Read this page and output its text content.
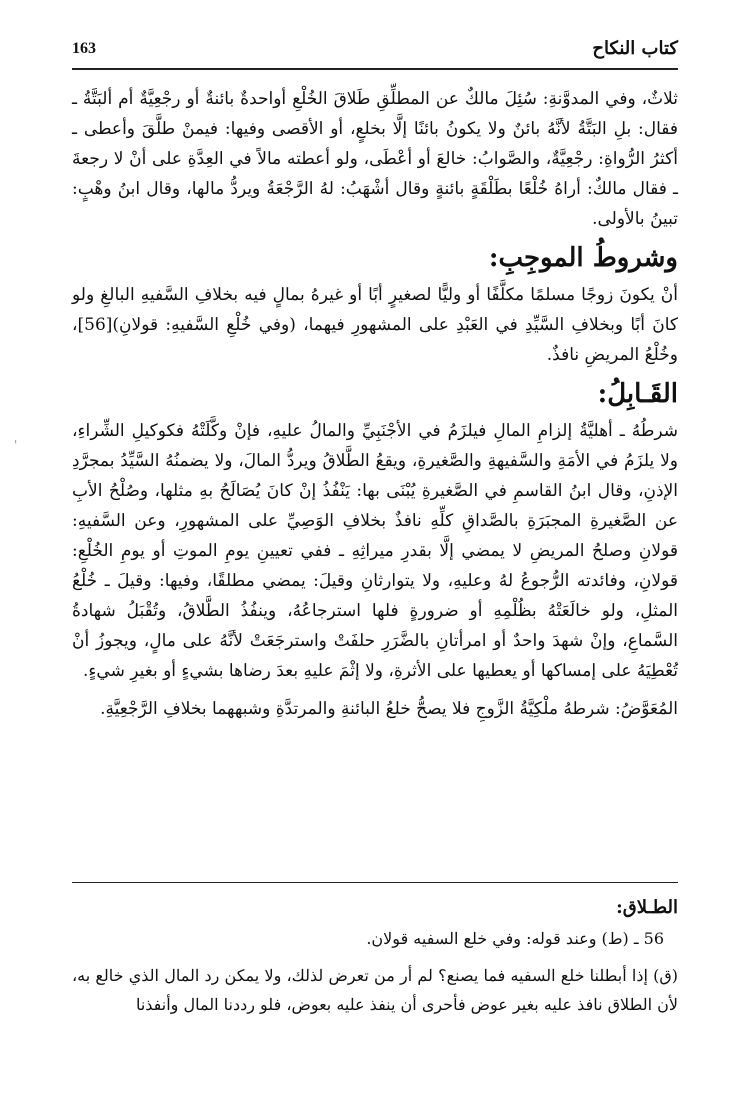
163	كتاب النكاح

ثلاثٌ، وفي المدوَّنةِ: سُئِلَ مالكٌ عن المطلِّقِ طَلاقَ الخُلْعِ أواحدةٌ بائنةٌ أو رجْعِيَّةٌ أم ألبَتَّةُ ـ فقال: بلِ البَتَّةُ لأنَّهُ بائنٌ ولا يكونُ بائنًا إلَّا بخلعٍ، أو الأقصى وفيها: فيمنْ طلَّقَ وأعطى ـ أكثرُ الرُّواةِ: رجْعِيَّةٌ، والصَّوابُ: خالعَ أو أعْطَى، ولو أعطته مالاً في العِدَّةِ على أنْ لا رجعةَ ـ فقال مالكٌ: أراهُ خُلْعًا بطَلْقَةٍ بائنةٍ وقال أشْهَبُ: لهُ الرَّجْعَةُ ويردُّ مالها، وقال ابنُ وهْبٍ: تبينُ بالأولى.

وشروطُ الموجِبِ:

أنْ يكونَ زوجًا مسلمًا مكلَّفًا أو وليًّا لصغيرٍ أبًا أو غيرهُ بمالٍ فيه بخلافِ السَّفيهِ البالغِ ولو كانَ أبًا وبخلافِ السَّيِّدِ في العَبْدِ على المشهورِ فيهما، (وفي خُلْعِ السَّفيهِ: قولانِ)[56]، وخُلْعُ المريضِ نافذٌ.

القَـابِلُ:

شرطُهُ ـ أهليَّةُ إلزامِ المالِ فيلزَمُ في الأجْنَبِيِّ والمالُ عليهِ، فإنْ وكَّلَتْهُ فكوكيلِ الشِّراءِ، ولا يلزَمُ في الأمَةِ والسَّفيهةِ والصَّغيرةِ، ويقعُ الطَّلاقُ ويردُّ المالَ، ولا يضمنُهُ السَّيِّدُ بمجرَّدِ الإذنِ، وقال ابنُ القاسمِ في الصَّغيرةِ يُبْنَى بها: يَنْفُذُ إنْ كانَ يُصَالَحُ بهِ مثلها، وصُلْحُ الأبِ عن الصَّغيرةِ المجبَرَةِ بالصَّداقِ كلِّهِ نافذٌ بخلافِ الوَصِيِّ على المشهورِ، وعن السَّفيهِ: قولانِ وصلحُ المريضِ لا يمضي إلَّا بقدرِ ميراثِهِ ـ ففي تعيينِ يومِ الموتِ أو يومِ الخُلْعِ: قولانِ، وفائدته الرُّجوعُ لهُ وعليهِ، ولا يتوارثانِ وقيلَ: يمضي مطلقًا، وفيها: وقيلَ ـ خُلْعُ المثلِ، ولو خالَعَتْهُ بظُلْمِهِ أو ضرورةٍ فلها استرجاعُهُ، وينفُذُ الطَّلاقُ، وتُقْبَلُ شهادةُ السَّماعِ، وإنْ شهدَ واحدٌ أو امرأتانِ بالضَّرَرِ حلفَتْ واسترجَعَتْ لأنَّهُ على مالٍ، ويجوزُ أنْ تُعْطِيَهُ على إمساكها أو يعطيها على الأثرةِ، ولا إثْمَ عليهِ بعدَ رضاها بشيءٍ أو بغيرِ شيءٍ.

المُعَوَّضُ: شرطهُ ملْكِيَّةُ الزَّوجِ فلا يصحُّ خلعُ البائنةِ والمرتدَّةِ وشبههما بخلافِ الرَّجْعِيَّةِ.

الطـلاق:
56 ـ (ط) وعند قوله: وفي خلع السفيه قولان.

(ق) إذا أبطلنا خلع السفيه فما يصنع؟ لم أر من تعرض لذلك، ولا يمكن رد المال الذي خالع به، لأن الطلاق نافذ عليه بغير عوض فأحرى أن ينفذ عليه بعوض، فلو رددنا المال وأنفذنا

'
